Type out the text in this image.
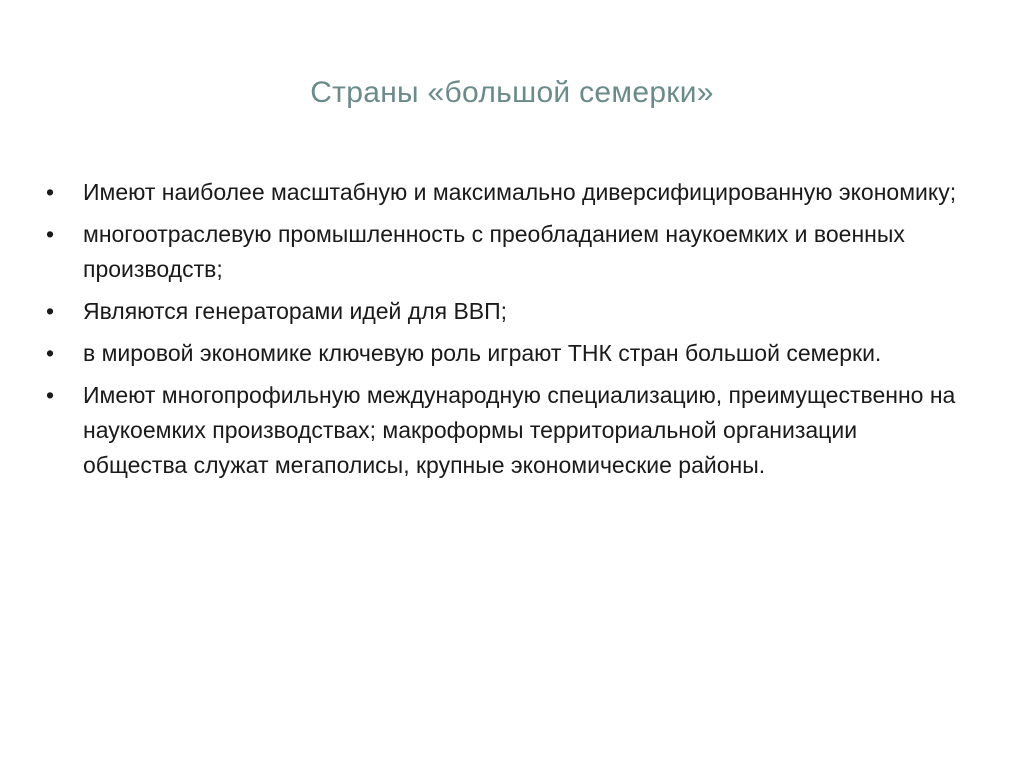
Страны «большой семерки»
• Имеют наиболее масштабную и максимально диверсифицированную экономику;
• многоотраслевую промышленность с преобладанием наукоемких и военных производств;
• Являются генераторами идей для ВВП;
• в мировой экономике ключевую роль играют ТНК стран большой семерки.
• Имеют многопрофильную международную специализацию, преимущественно на наукоемких производствах; макроформы территориальной организации общества служат мегаполисы, крупные экономические районы.
